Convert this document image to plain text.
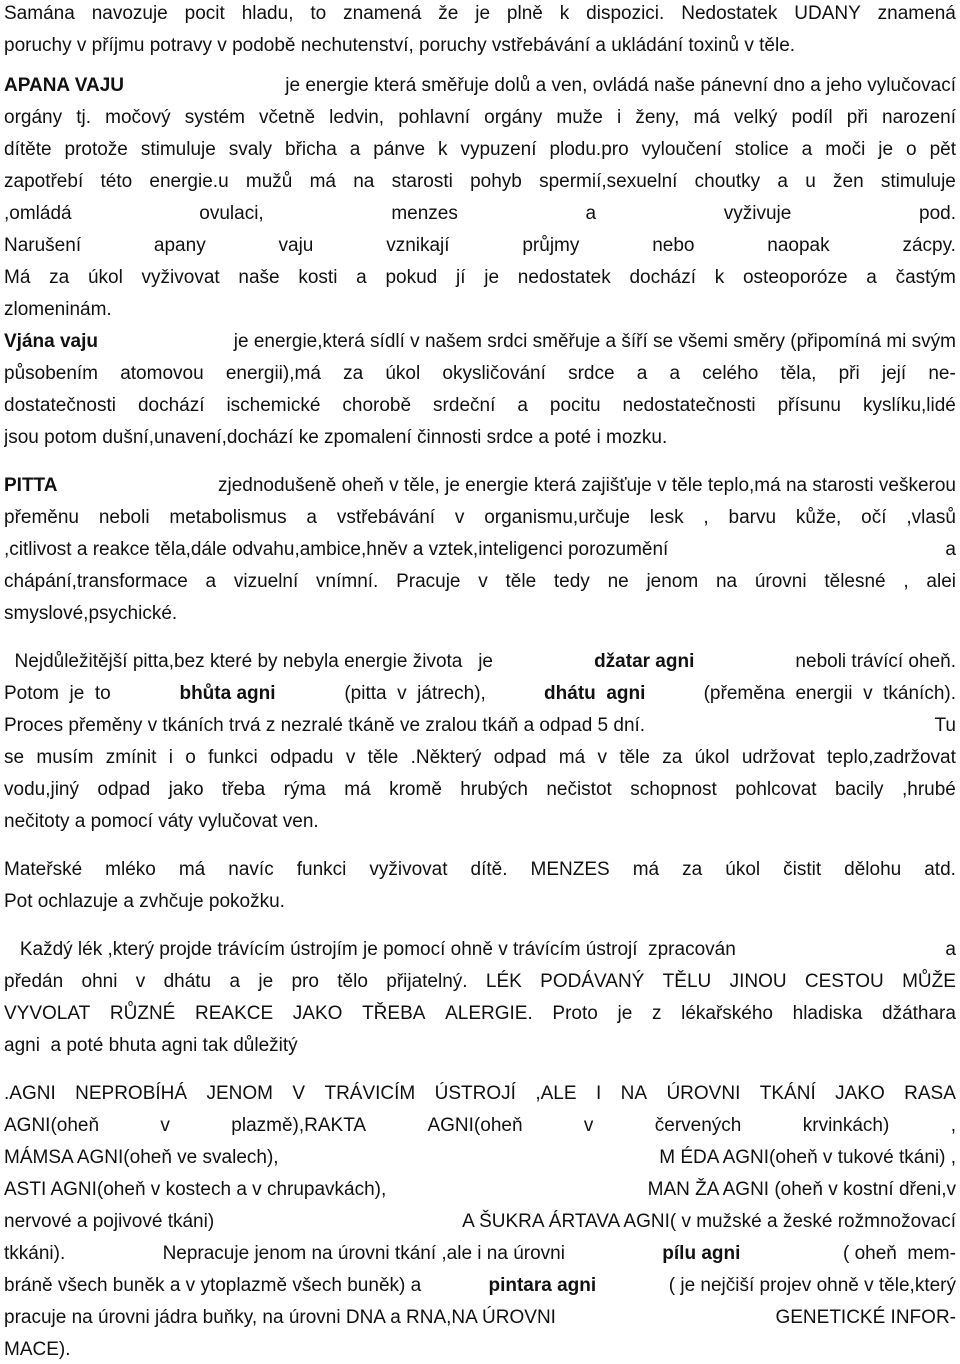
Samána navozuje pocit hladu, to znamená že je plně k dispozici. Nedostatek UDANY znamená
poruchy v příjmu potravy v podobě nechutenství, poruchy vstřebávání a ukládání toxinů v těle.
APANA VAJU	je energie která směřuje dolů a ven, ovládá naše pánevní dno a jeho vylučovací
orgány tj. močový systém včetně ledvin, pohlavní orgány muže i ženy, má velký podíl při narození
dítěte protože stimuluje svaly břicha a pánve k vypuzení plodu.pro vyloučení stolice a moči je o pět
zapotřebí této energie.u mužů má na starosti pohyb spermií,sexuelní choutky a u žen stimuluje
,omládá	ovulaci,	menzes	a	vyživuje	pod.
Narušení	apany	vaju	vznikají	průjmy	nebo	naopak	zácpy.
Má za úkol vyživovat naše kosti a pokud jí je nedostatek dochází k osteoporóze a častým
zlomeninám.
Vjána vaju	je energie,která sídlí v našem srdci směřuje a šíří se všemi směry (připomíná mi svým
působením atomovou energii),má za úkol okysličování srdce a a celého těla, při její ne-
dostatečnosti dochází ischemické chorobě srdeční a pocitu nedostatečnosti přísunu kyslíku,lidé
jsou potom dušní,unavení,dochází ke zpomalení činnosti srdce a poté i mozku.
PITTA	zjednodušeně oheň v těle, je energie která zajišťuje v těle teplo,má na starosti veškerou
přeměnu neboli metabolismus a vstřebávání v organismu,určuje lesk , barvu kůže, očí ,vlasů
,citlivost a reakce těla,dále odvahu,ambice,hněv a vztek,inteligenci porozumění	a
chápání,transformace a vizuelní vnímní. Pracuje v těle tedy ne jenom na úrovni tělesné , alei
smyslové,psychické.
Nejdůležitější pitta,bez které by nebyla energie života   je	džatar agni	neboli trávící oheň.
Potom  je  to	bhůta agni	(pitta  v  játrech),	dhátu  agni	(přeměna  energii  v  tkáních).
Proces přeměny v tkáních trvá z nezralé tkáně ve zralou tkáň a odpad 5 dní.	Tu
se musím zmínit i o funkci odpadu v těle .Některý odpad má v těle za úkol udržovat teplo,zadržovat
vodu,jiný odpad jako třeba rýma má kromě hrubých nečistot schopnost pohlcovat bacily ,hrubé
nečitoty a pomocí váty vylučovat ven.
Mateřské mléko má navíc funkci vyživovat dítě. MENZES má za úkol čistit dělohu atd.
Pot ochlazuje a zvhčuje pokožku.
Každý lék ,který projde trávícím ústrojím je pomocí ohně v trávícím ústrojí  zpracován	a
předán ohni v dhátu a je pro tělo přijatelný. LÉK PODÁVANÝ TĚLU JINOU CESTOU MŮŽE
VYVOLAT RŮZNÉ REAKCE JAKO TŘEBA ALERGIE. Proto je z lékařského hladiska džáthara
agni  a poté bhuta agni tak důležitý
.AGNI NEPROBÍHÁ JENOM V TRÁVICÍM ÚSTROJÍ ,ALE I NA ÚROVNI TKÁNÍ JAKO RASA
AGNI(oheň	v	plazmě),RAKTA	AGNI(oheň	v	červených	krvinkách)	,
MÁMSA AGNI(oheň ve svalech),	M ÉDA AGNI(oheň v tukové tkáni) ,
ASTI AGNI(oheň v kostech a v chrupavkách),	MAN ŽA AGNI (oheň v kostní dřeni,v
nervové a pojivové tkáni)	A ŠUKRA ÁRTAVA AGNI( v mužské a žeské rožmnožovací
tkkáni).	Nepracuje jenom na úrovni tkání ,ale i na úrovni	pílu agni	( oheň  mem-
bráně všech buněk a v ytoplazmě všech buněk) a	pintara agni	( je nejčiší projev ohně v těle,který
pracuje na úrovni jádra buňky, na úrovni DNA a RNA,NA ÚROVNI	GENETICKÉ INFOR-
MACE).
